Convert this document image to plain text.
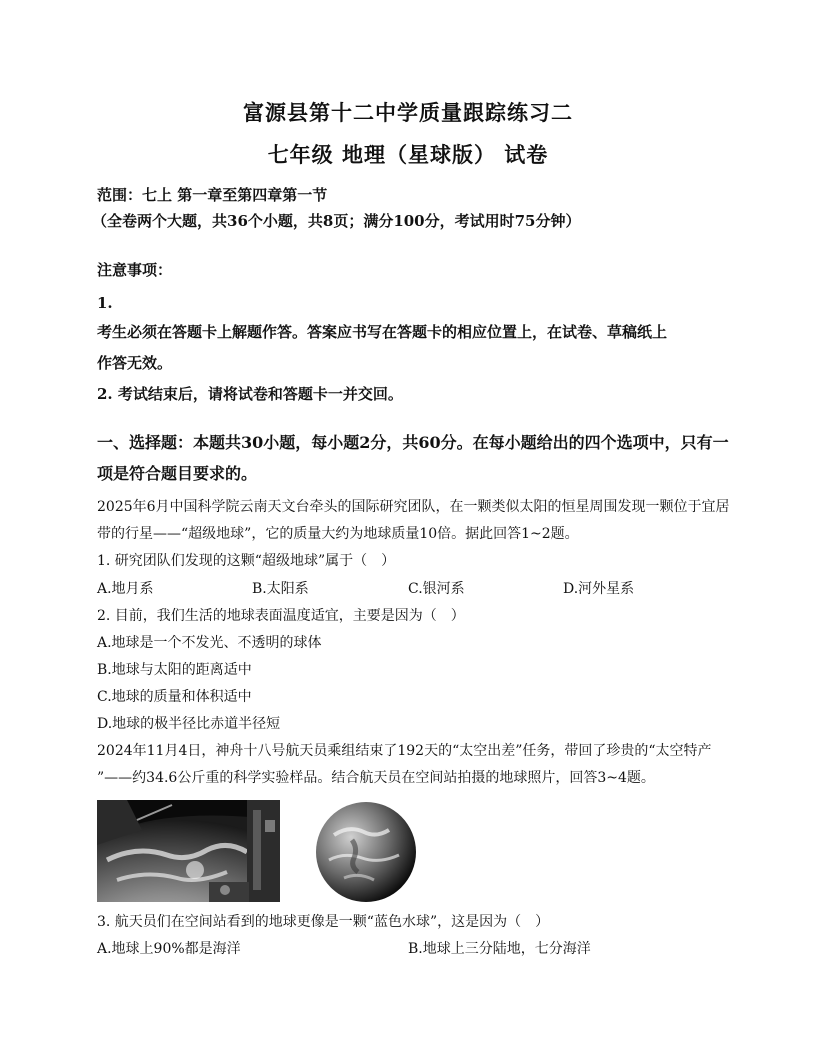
富源县第十二中学质量跟踪练习二
七年级 地理（星球版） 试卷
范围：七上 第一章至第四章第一节
（全卷两个大题，共36个小题，共8页；满分100分，考试用时75分钟）
注意事项：
1.
考生必须在答题卡上解题作答。答案应书写在答题卡的相应位置上，在试卷、草稿纸上
作答无效。
2. 考试结束后，请将试卷和答题卡一并交回。
一、选择题：本题共30小题，每小题2分，共60分。在每小题给出的四个选项中，只有一
项是符合题目要求的。
2025年6月中国科学院云南天文台牵头的国际研究团队，在一颗类似太阳的恒星周围发现一颗位于宜居
带的行星——“超级地球”，它的质量大约为地球质量10倍。据此回答1~2题。
1. 研究团队们发现的这颗“超级地球”属于（　）
A.地月系	B.太阳系	C.银河系	D.河外星系
2. 目前，我们生活的地球表面温度适宜，主要是因为（　）
A.地球是一个不发光、不透明的球体
B.地球与太阳的距离适中
C.地球的质量和体积适中
D.地球的极半径比赤道半径短
2024年11月4日，神舟十八号航天员乘组结束了192天的“太空出差”任务，带回了珍贵的“太空特产
”——约34.6公斤重的科学实验样品。结合航天员在空间站拍摄的地球照片，回答3~4题。
3. 航天员们在空间站看到的地球更像是一颗“蓝色水球”，这是因为（　）
A.地球上90%都是海洋	B.地球上三分陆地，七分海洋
